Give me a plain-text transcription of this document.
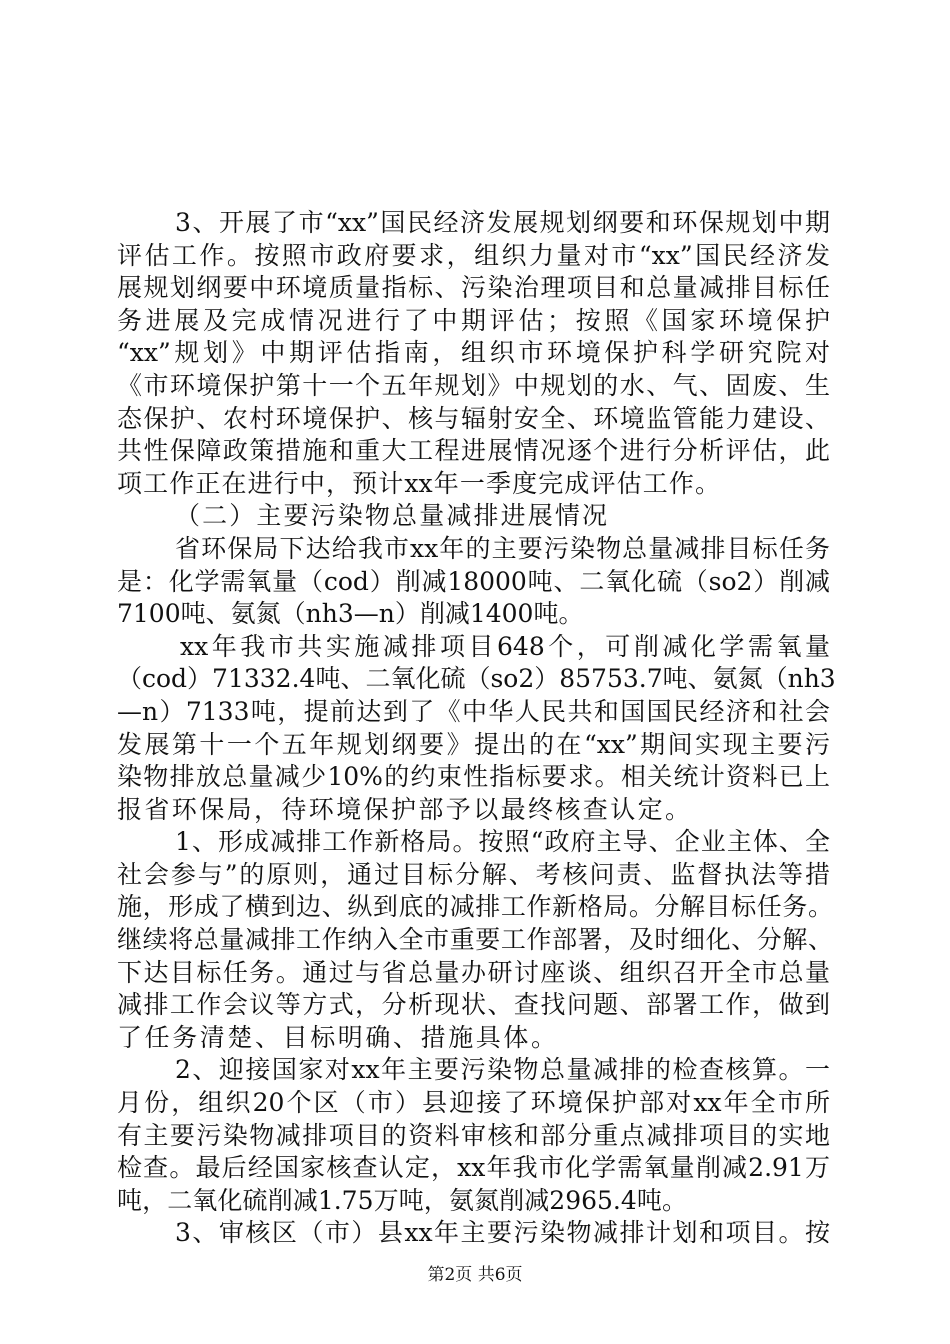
3、开展了市“xx”国民经济发展规划纲要和环保规划中期
评估工作。按照市政府要求，组织力量对市“xx”国民经济发
展规划纲要中环境质量指标、污染治理项目和总量减排目标任
务进展及完成情况进行了中期评估；按照《国家环境保护
“xx”规划》中期评估指南，组织市环境保护科学研究院对
《市环境保护第十一个五年规划》中规划的水、气、固废、生
态保护、农村环境保护、核与辐射安全、环境监管能力建设、
共性保障政策措施和重大工程进展情况逐个进行分析评估，此
项工作正在进行中，预计xx年一季度完成评估工作。
（二）主要污染物总量减排进展情况
省环保局下达给我市xx年的主要污染物总量减排目标任务
是：化学需氧量（cod）削减18000吨、二氧化硫（so2）削减
7100吨、氨氮（nh3—n）削减1400吨。
xx年我市共实施减排项目648个，可削减化学需氧量
（cod）71332.4吨、二氧化硫（so2）85753.7吨、氨氮（nh3
—n）7133吨，提前达到了《中华人民共和国国民经济和社会
发展第十一个五年规划纲要》提出的在“xx”期间实现主要污
染物排放总量减少10%的约束性指标要求。相关统计资料已上
报省环保局，待环境保护部予以最终核查认定。
1、形成减排工作新格局。按照“政府主导、企业主体、全
社会参与”的原则，通过目标分解、考核问责、监督执法等措
施，形成了横到边、纵到底的减排工作新格局。分解目标任务。
继续将总量减排工作纳入全市重要工作部署，及时细化、分解、
下达目标任务。通过与省总量办研讨座谈、组织召开全市总量
减排工作会议等方式，分析现状、查找问题、部署工作，做到
了任务清楚、目标明确、措施具体。
2、迎接国家对xx年主要污染物总量减排的检查核算。一
月份，组织20个区（市）县迎接了环境保护部对xx年全市所
有主要污染物减排项目的资料审核和部分重点减排项目的实地
检查。最后经国家核查认定，xx年我市化学需氧量削减2.91万
吨，二氧化硫削减1.75万吨，氨氮削减2965.4吨。
3、审核区（市）县xx年主要污染物减排计划和项目。按
第2页 共6页
